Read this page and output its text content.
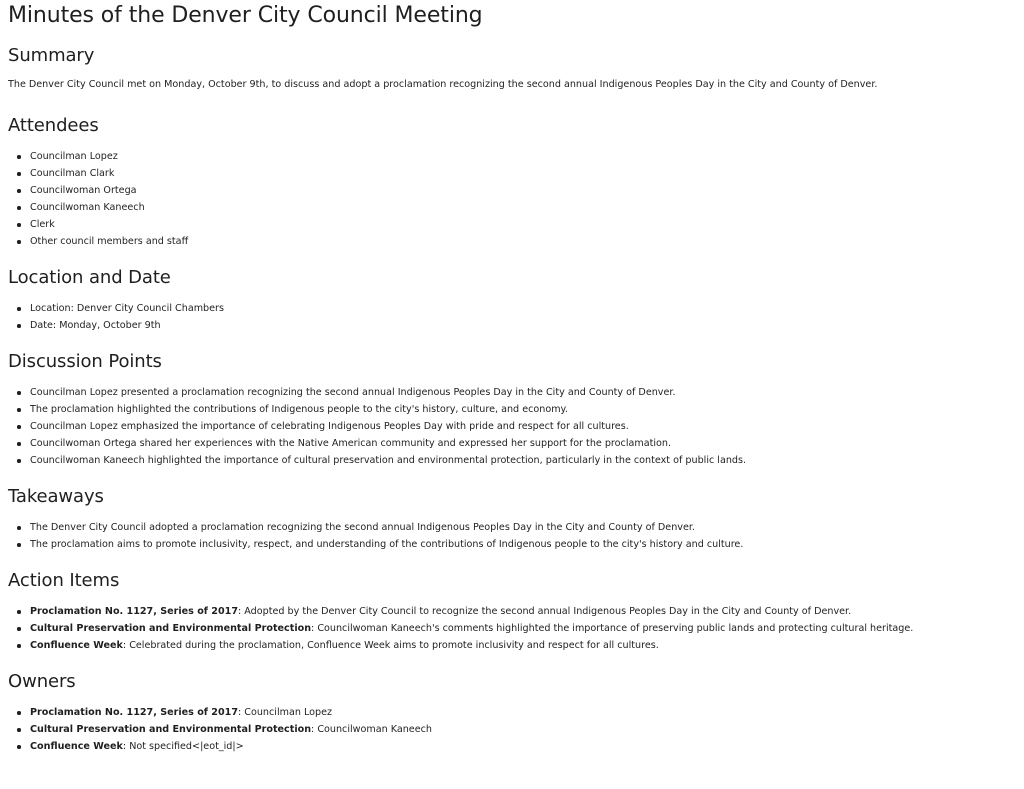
Minutes of the Denver City Council Meeting
Summary

The Denver City Council met on Monday, October 9th, to discuss and adopt a proclamation recognizing the second annual Indigenous Peoples Day in the City and County of Denver.

Attendees
Councilman Lopez
Councilman Clark
Councilwoman Ortega
Councilwoman Kaneech
Clerk
Other council members and staff
Location and Date
Location: Denver City Council Chambers
Date: Monday, October 9th
Discussion Points
Councilman Lopez presented a proclamation recognizing the second annual Indigenous Peoples Day in the City and County of Denver.
The proclamation highlighted the contributions of Indigenous people to the city's history, culture, and economy.
Councilman Lopez emphasized the importance of celebrating Indigenous Peoples Day with pride and respect for all cultures.
Councilwoman Ortega shared her experiences with the Native American community and expressed her support for the proclamation.
Councilwoman Kaneech highlighted the importance of cultural preservation and environmental protection, particularly in the context of public lands.
Takeaways
The Denver City Council adopted a proclamation recognizing the second annual Indigenous Peoples Day in the City and County of Denver.
The proclamation aims to promote inclusivity, respect, and understanding of the contributions of Indigenous people to the city's history and culture.
Action Items
Proclamation No. 1127, Series of 2017: Adopted by the Denver City Council to recognize the second annual Indigenous Peoples Day in the City and County of Denver.
Cultural Preservation and Environmental Protection: Councilwoman Kaneech's comments highlighted the importance of preserving public lands and protecting cultural heritage.
Confluence Week: Celebrated during the proclamation, Confluence Week aims to promote inclusivity and respect for all cultures.
Owners
Proclamation No. 1127, Series of 2017: Councilman Lopez
Cultural Preservation and Environmental Protection: Councilwoman Kaneech
Confluence Week: Not specified<|eot_id|>
